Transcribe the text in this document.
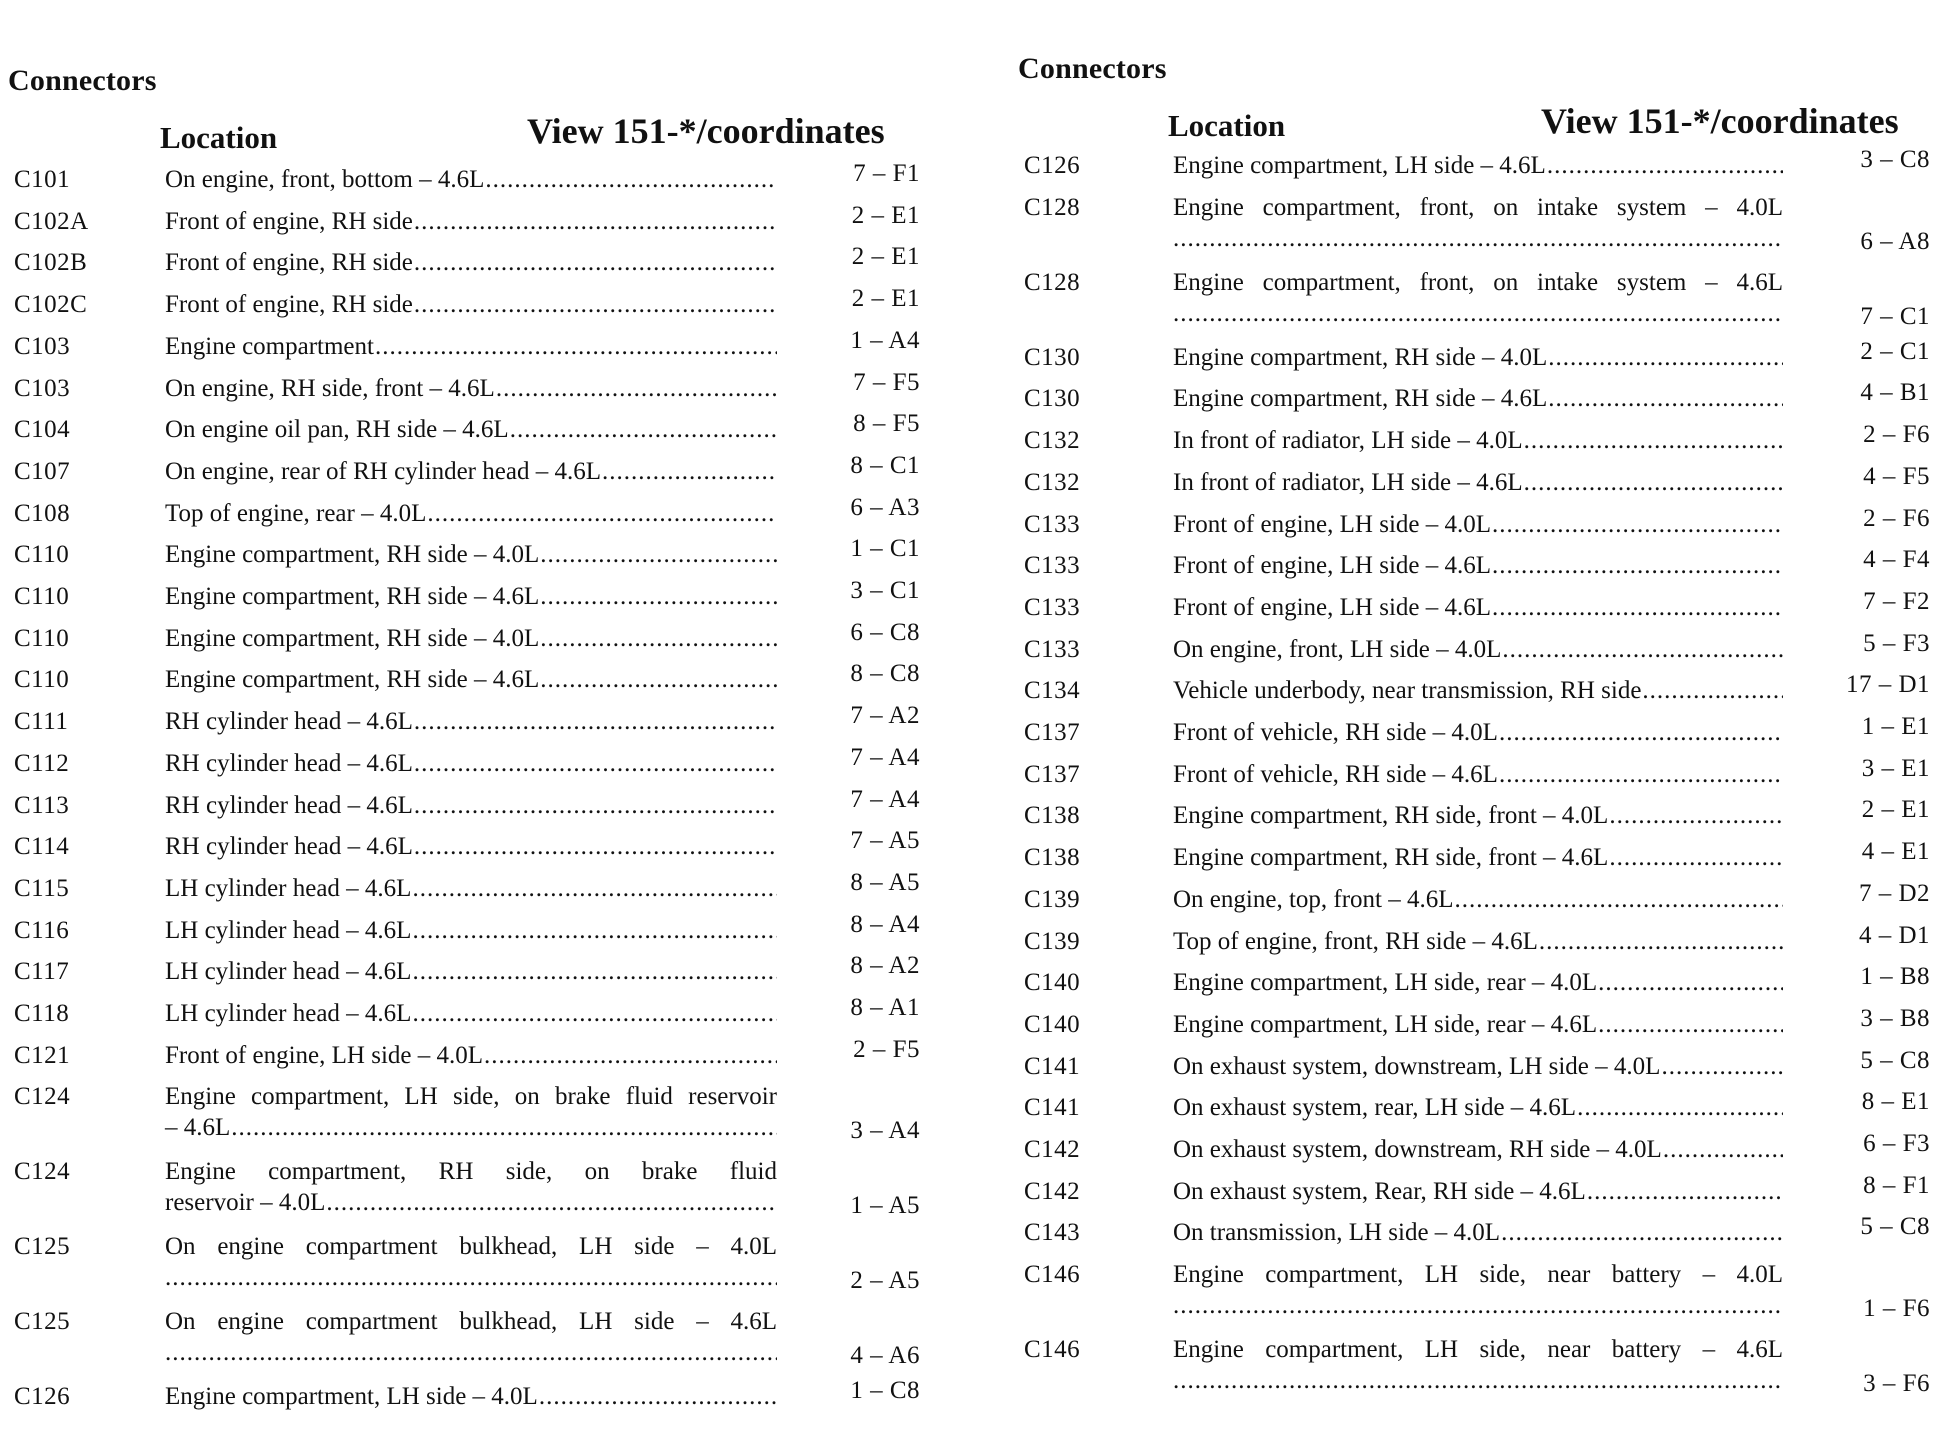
Connectors
Location	View 151-*/coordinates
C101	On engine, front, bottom – 4.6L .....	7 – F1
C102A	Front of engine, RH side .....	2 – E1
C102B	Front of engine, RH side .....	2 – E1
C102C	Front of engine, RH side .....	2 – E1
C103	Engine compartment .....	1 – A4
C103	On engine, RH side, front – 4.6L .....	7 – F5
C104	On engine oil pan, RH side – 4.6L .....	8 – F5
C107	On engine, rear of RH cylinder head – 4.6L .....	8 – C1
C108	Top of engine, rear – 4.0L .....	6 – A3
C110	Engine compartment, RH side – 4.0L .....	1 – C1
C110	Engine compartment, RH side – 4.6L .....	3 – C1
C110	Engine compartment, RH side – 4.0L .....	6 – C8
C110	Engine compartment, RH side – 4.6L .....	8 – C8
C111	RH cylinder head – 4.6L .....	7 – A2
C112	RH cylinder head – 4.6L .....	7 – A4
C113	RH cylinder head – 4.6L .....	7 – A4
C114	RH cylinder head – 4.6L .....	7 – A5
C115	LH cylinder head – 4.6L .....	8 – A5
C116	LH cylinder head – 4.6L .....	8 – A4
C117	LH cylinder head – 4.6L .....	8 – A2
C118	LH cylinder head – 4.6L .....	8 – A1
C121	Front of engine, LH side – 4.0L .....	2 – F5
C124	Engine compartment, LH side, on brake fluid reservoir
– 4.6L .....	3 – A4
C124	Engine compartment, RH side, on brake fluid
reservoir – 4.0L .....	1 – A5
C125	On engine compartment bulkhead, LH side – 4.0L
.....
2 – A5
C125	On engine compartment bulkhead, LH side – 4.6L
.....
4 – A6
C126	Engine compartment, LH side – 4.0L .....	1 – C8
Connectors
Location	View 151-*/coordinates
C126	Engine compartment, LH side – 4.6L .....	3 – C8
C128	Engine compartment, front, on intake system – 4.0L
.....
6 – A8
C128	Engine compartment, front, on intake system – 4.6L
.....
7 – C1
C130	Engine compartment, RH side – 4.0L .....	2 – C1
C130	Engine compartment, RH side – 4.6L .....	4 – B1
C132	In front of radiator, LH side – 4.0L .....	2 – F6
C132	In front of radiator, LH side – 4.6L .....	4 – F5
C133	Front of engine, LH side – 4.0L .....	2 – F6
C133	Front of engine, LH side – 4.6L .....	4 – F4
C133	Front of engine, LH side – 4.6L .....	7 – F2
C133	On engine, front, LH side – 4.0L .....	5 – F3
C134	Vehicle underbody, near transmission, RH side .....	17 – D1
C137	Front of vehicle, RH side – 4.0L .....	1 – E1
C137	Front of vehicle, RH side – 4.6L .....	3 – E1
C138	Engine compartment, RH side, front – 4.0L .....	2 – E1
C138	Engine compartment, RH side, front – 4.6L .....	4 – E1
C139	On engine, top, front – 4.6L .....	7 – D2
C139	Top of engine, front, RH side – 4.6L .....	4 – D1
C140	Engine compartment, LH side, rear – 4.0L .....	1 – B8
C140	Engine compartment, LH side, rear – 4.6L .....	3 – B8
C141	On exhaust system, downstream, LH side – 4.0L .....	5 – C8
C141	On exhaust system, rear, LH side – 4.6L .....	8 – E1
C142	On exhaust system, downstream, RH side – 4.0L .....	6 – F3
C142	On exhaust system, Rear, RH side – 4.6L .....	8 – F1
C143	On transmission, LH side – 4.0L .....	5 – C8
C146	Engine compartment, LH side, near battery – 4.0L
.....
1 – F6
C146	Engine compartment, LH side, near battery – 4.6L
.....
3 – F6
